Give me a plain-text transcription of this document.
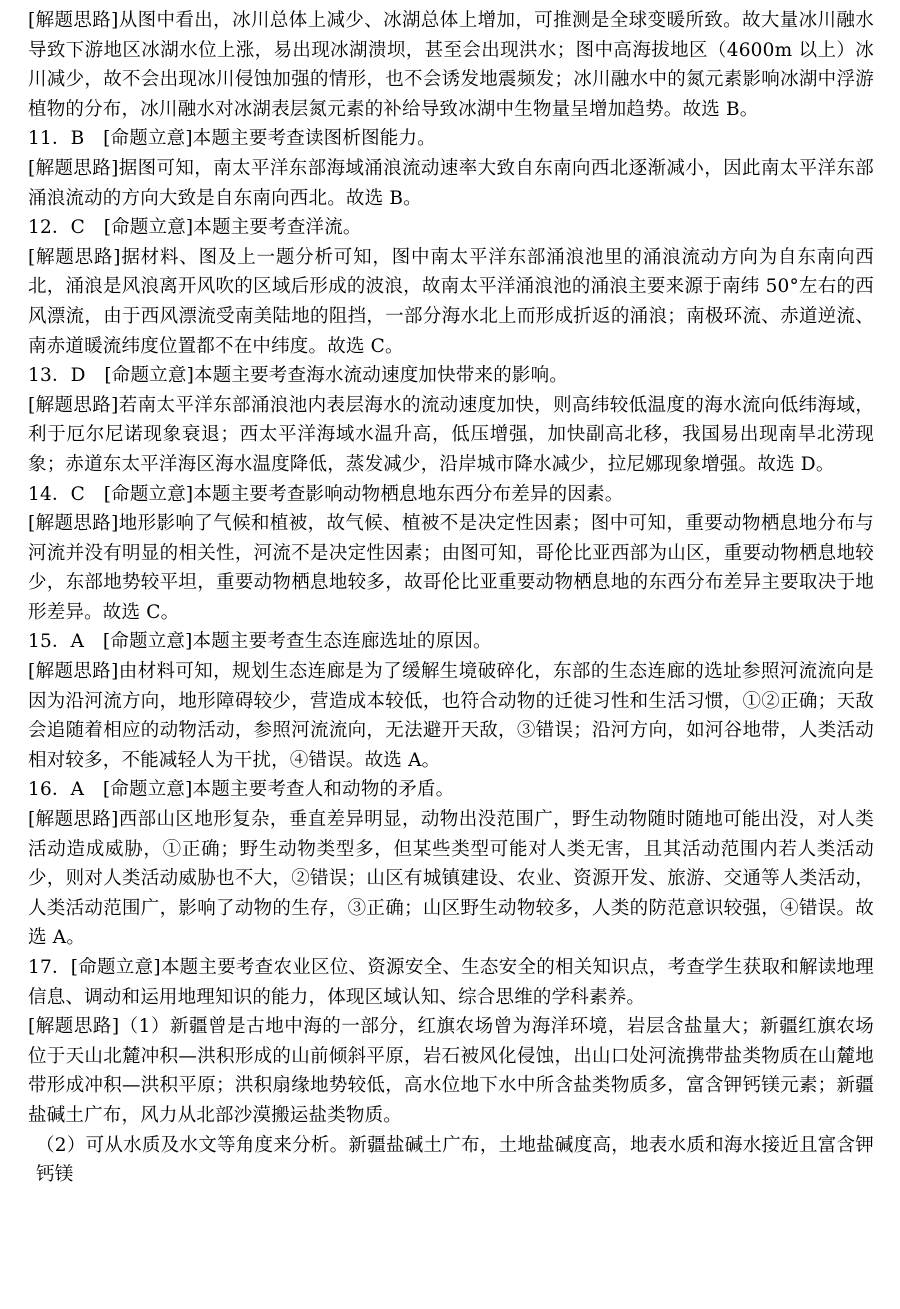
[解题思路]从图中看出，冰川总体上减少、冰湖总体上增加，可推测是全球变暖所致。故大量冰川融水导致下游地区冰湖水位上涨，易出现冰湖溃坝，甚至会出现洪水；图中高海拔地区（4600m 以上）冰川减少，故不会出现冰川侵蚀加强的情形，也不会诱发地震频发；冰川融水中的氮元素影响冰湖中浮游植物的分布，冰川融水对冰湖表层氮元素的补给导致冰湖中生物量呈增加趋势。故选 B。

11．B　[命题立意]本题主要考查读图析图能力。

[解题思路]据图可知，南太平洋东部海域涌浪流动速率大致自东南向西北逐渐减小，因此南太平洋东部涌浪流动的方向大致是自东南向西北。故选 B。

12．C　[命题立意]本题主要考查洋流。

[解题思路]据材料、图及上一题分析可知，图中南太平洋东部涌浪池里的涌浪流动方向为自东南向西北，涌浪是风浪离开风吹的区域后形成的波浪，故南太平洋涌浪池的涌浪主要来源于南纬 50°左右的西风漂流，由于西风漂流受南美陆地的阻挡，一部分海水北上而形成折返的涌浪；南极环流、赤道逆流、南赤道暖流纬度位置都不在中纬度。故选 C。

13．D　[命题立意]本题主要考查海水流动速度加快带来的影响。

[解题思路]若南太平洋东部涌浪池内表层海水的流动速度加快，则高纬较低温度的海水流向低纬海域，利于厄尔尼诺现象衰退；西太平洋海域水温升高，低压增强，加快副高北移，我国易出现南旱北涝现象；赤道东太平洋海区海水温度降低，蒸发减少，沿岸城市降水减少，拉尼娜现象增强。故选 D。

14．C　[命题立意]本题主要考查影响动物栖息地东西分布差异的因素。

[解题思路]地形影响了气候和植被，故气候、植被不是决定性因素；图中可知，重要动物栖息地分布与河流并没有明显的相关性，河流不是决定性因素；由图可知，哥伦比亚西部为山区，重要动物栖息地较少，东部地势较平坦，重要动物栖息地较多，故哥伦比亚重要动物栖息地的东西分布差异主要取决于地形差异。故选 C。

15．A　[命题立意]本题主要考查生态连廊选址的原因。

[解题思路]由材料可知，规划生态连廊是为了缓解生境破碎化，东部的生态连廊的选址参照河流流向是因为沿河流方向，地形障碍较少，营造成本较低，也符合动物的迁徙习性和生活习惯，①②正确；天敌会追随着相应的动物活动，参照河流流向，无法避开天敌，③错误；沿河方向，如河谷地带，人类活动相对较多，不能减轻人为干扰，④错误。故选 A。

16．A　[命题立意]本题主要考查人和动物的矛盾。

[解题思路]西部山区地形复杂，垂直差异明显，动物出没范围广，野生动物随时随地可能出没，对人类活动造成威胁，①正确；野生动物类型多，但某些类型可能对人类无害，且其活动范围内若人类活动少，则对人类活动威胁也不大，②错误；山区有城镇建设、农业、资源开发、旅游、交通等人类活动，人类活动范围广，影响了动物的生存，③正确；山区野生动物较多，人类的防范意识较强，④错误。故选 A。

17．[命题立意]本题主要考查农业区位、资源安全、生态安全的相关知识点，考查学生获取和解读地理信息、调动和运用地理知识的能力，体现区域认知、综合思维的学科素养。

[解题思路]（1）新疆曾是古地中海的一部分，红旗农场曾为海洋环境，岩层含盐量大；新疆红旗农场位于天山北麓冲积—洪积形成的山前倾斜平原，岩石被风化侵蚀，出山口处河流携带盐类物质在山麓地带形成冲积—洪积平原；洪积扇缘地势较低，高水位地下水中所含盐类物质多，富含钾钙镁元素；新疆盐碱土广布，风力从北部沙漠搬运盐类物质。

（2）可从水质及水文等角度来分析。新疆盐碱土广布，土地盐碱度高，地表水质和海水接近且富含钾钙镁
